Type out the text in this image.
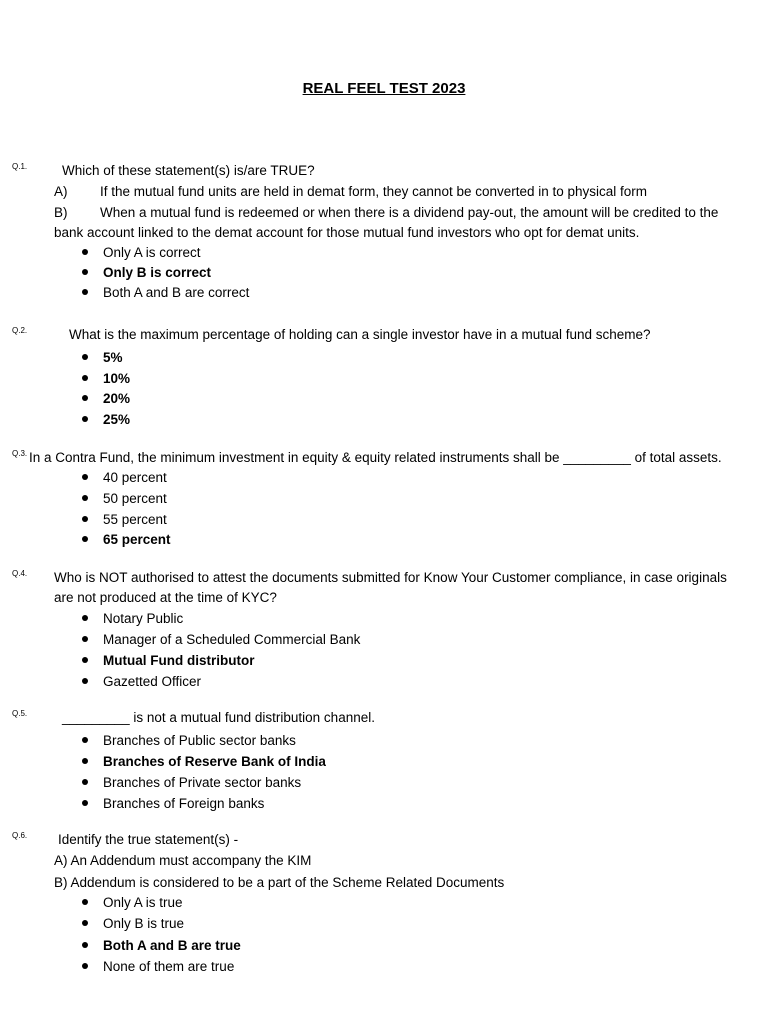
REAL FEEL TEST 2023
Q.1.	Which of these statement(s) is/are TRUE?
A) If the mutual fund units are held in demat form, they cannot be converted in to physical form
B) When a mutual fund is redeemed or when there is a dividend pay-out, the amount will be credited to the
bank account linked to the demat account for those mutual fund investors who opt for demat units.
Only A is correct
Only B is correct
Both A and B are correct
Q.2.	What is the maximum percentage of holding can a single investor have in a mutual fund scheme?
5%
10%
20%
25%
Q.3. In a Contra Fund, the minimum investment in equity & equity related instruments shall be _________ of total assets.
40 percent
50 percent
55 percent
65 percent
Q.4. Who is NOT authorised to attest the documents submitted for Know Your Customer compliance, in case originals
are not produced at the time of KYC?
Notary Public
Manager of a Scheduled Commercial Bank
Mutual Fund distributor
Gazetted Officer
Q.5.	_________ is not a mutual fund distribution channel.
Branches of Public sector banks
Branches of Reserve Bank of India
Branches of Private sector banks
Branches of Foreign banks
Q.6. Identify the true statement(s) -
A) An Addendum must accompany the KIM
B) Addendum is considered to be a part of the Scheme Related Documents
Only A is true
Only B is true
Both A and B are true
None of them are true
